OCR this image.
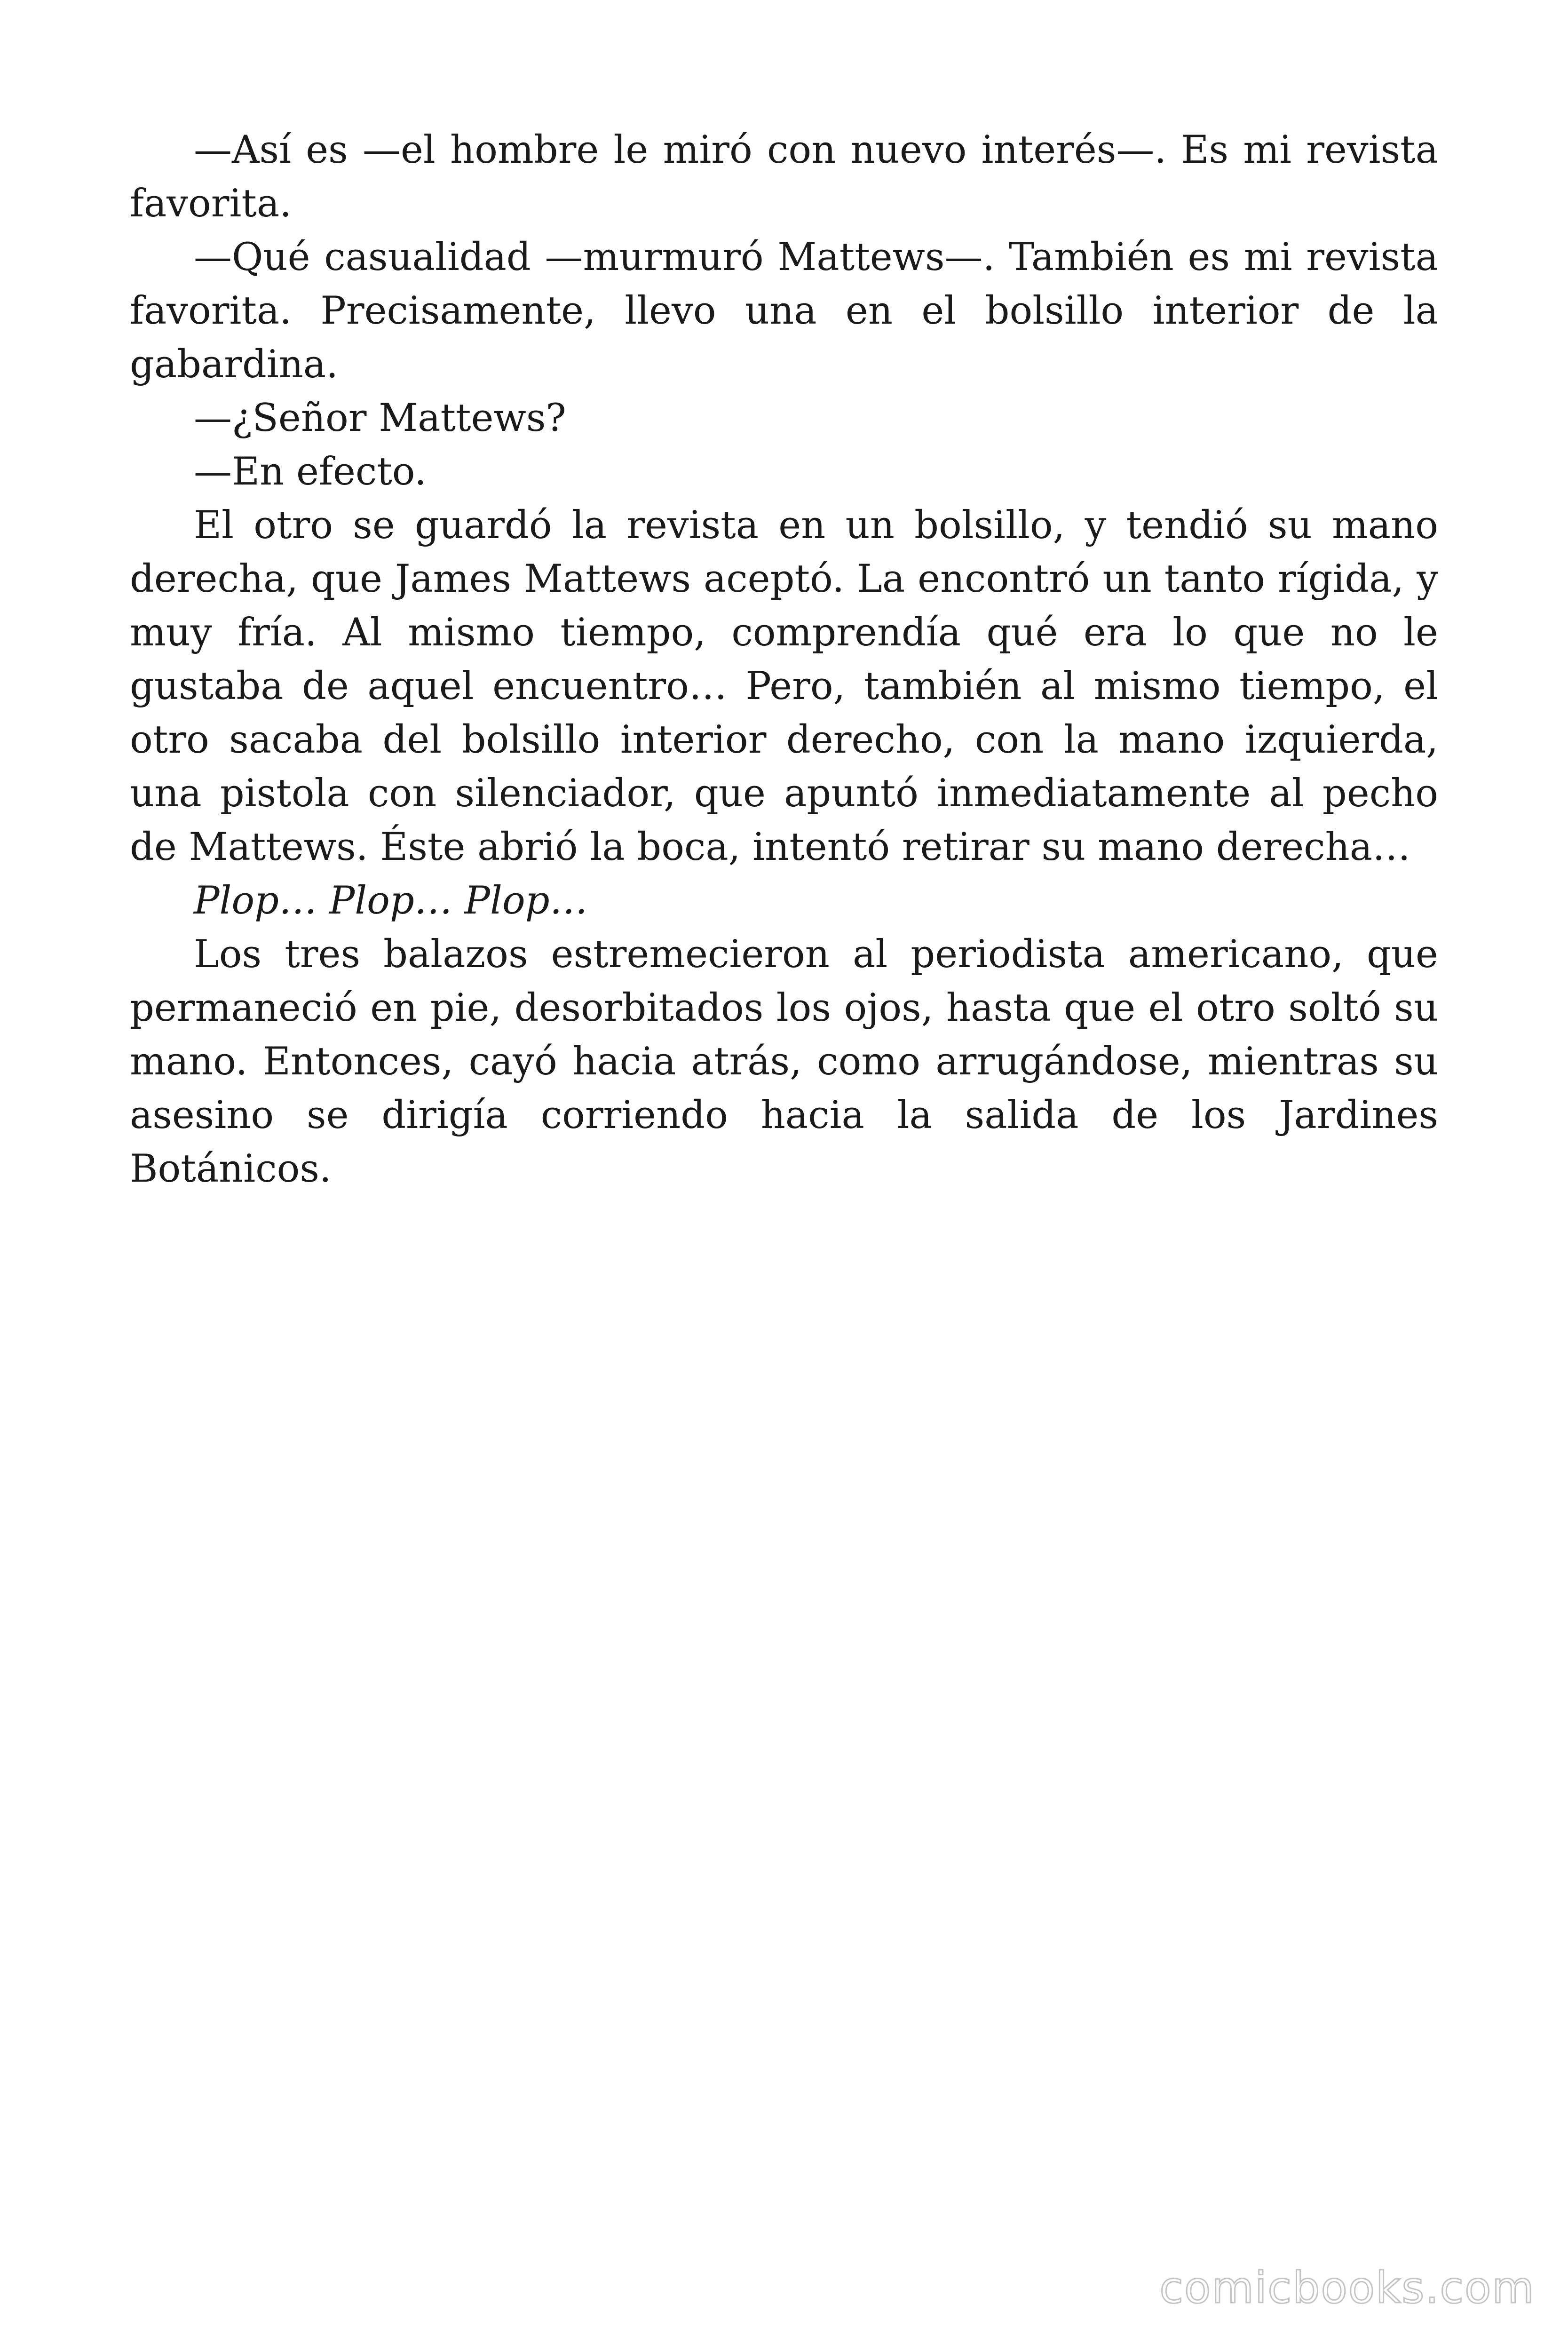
—Así es —el hombre le miró con nuevo interés—. Es mi revista favorita.

—Qué casualidad —murmuró Mattews—. También es mi revista favorita. Precisamente, llevo una en el bolsillo interior de la gabardina.

—¿Señor Mattews?

—En efecto.

El otro se guardó la revista en un bolsillo, y tendió su mano derecha, que James Mattews aceptó. La encontró un tanto rígida, y muy fría. Al mismo tiempo, comprendía qué era lo que no le gustaba de aquel encuentro… Pero, también al mismo tiempo, el otro sacaba del bolsillo interior derecho, con la mano izquierda, una pistola con silenciador, que apuntó inmediatamente al pecho de Mattews. Éste abrió la boca, intentó retirar su mano derecha…

Plop… Plop… Plop…

Los tres balazos estremecieron al periodista americano, que permaneció en pie, desorbitados los ojos, hasta que el otro soltó su mano. Entonces, cayó hacia atrás, como arrugándose, mientras su asesino se dirigía corriendo hacia la salida de los Jardines Botánicos.

comicbooks.com
